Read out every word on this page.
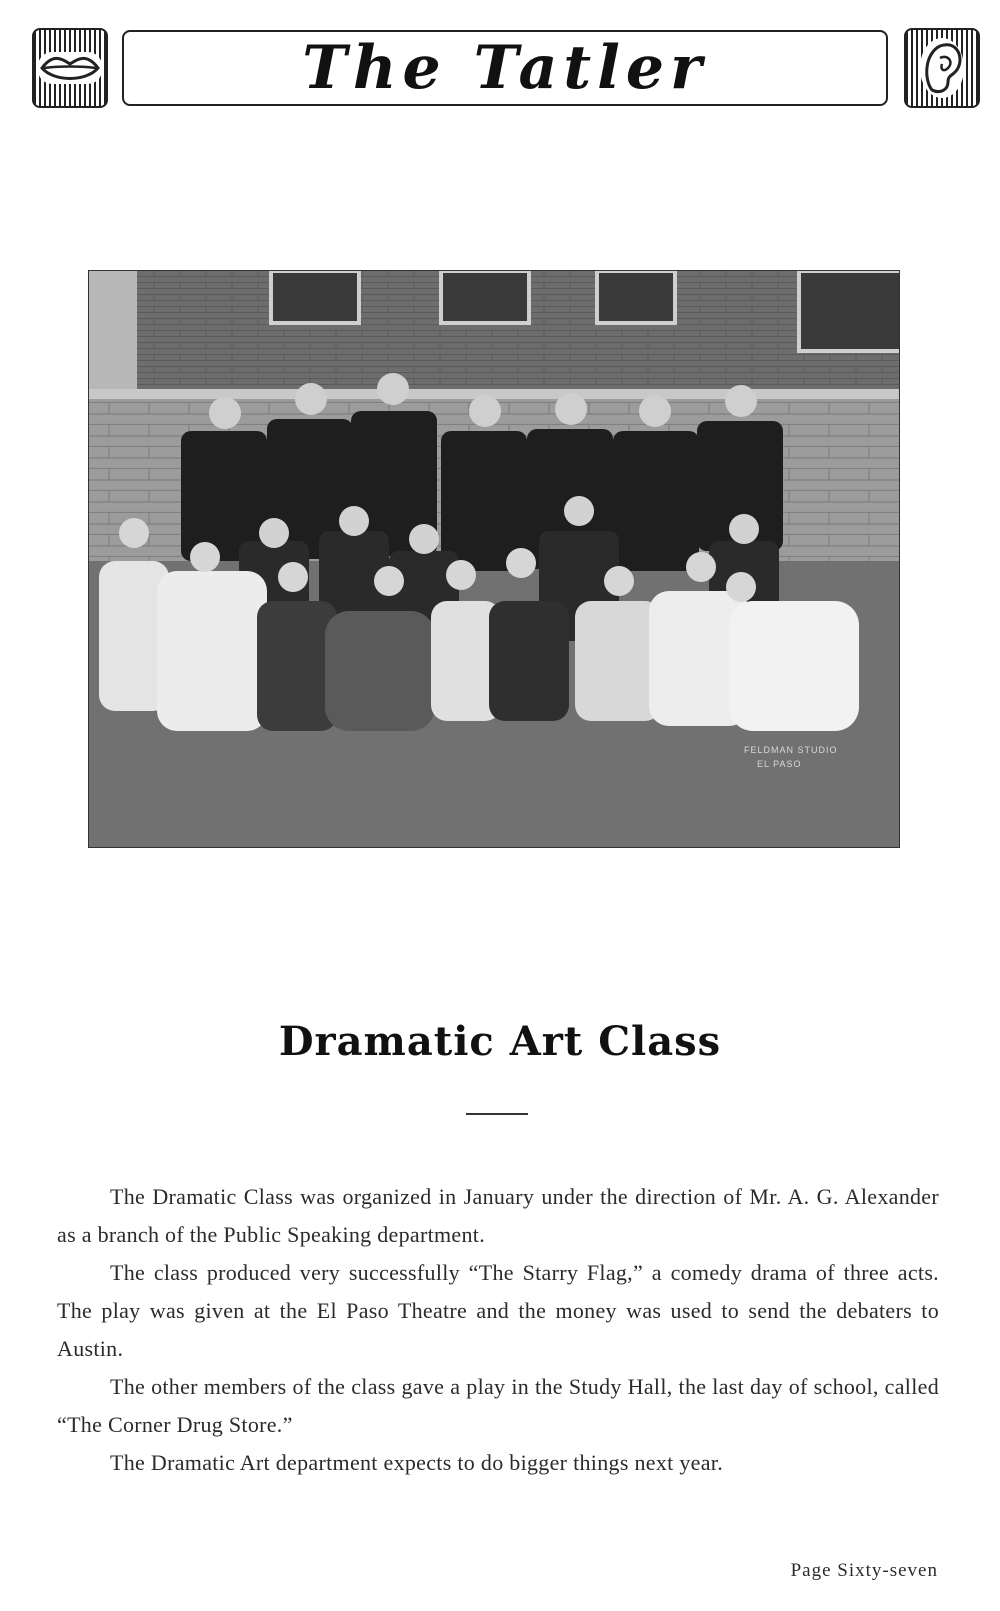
The Tatler
FELDMAN STUDIO
EL PASO
Dramatic Art Class

The Dramatic Class was organized in January under the direction of Mr. A. G. Alexander as a branch of the Public Speaking department.

The class produced very successfully “The Starry Flag,” a comedy drama of three acts. The play was given at the El Paso Theatre and the money was used to send the debaters to Austin.

The other members of the class gave a play in the Study Hall, the last day of school, called “The Corner Drug Store.”

The Dramatic Art department expects to do bigger things next year.

Page Sixty-seven
